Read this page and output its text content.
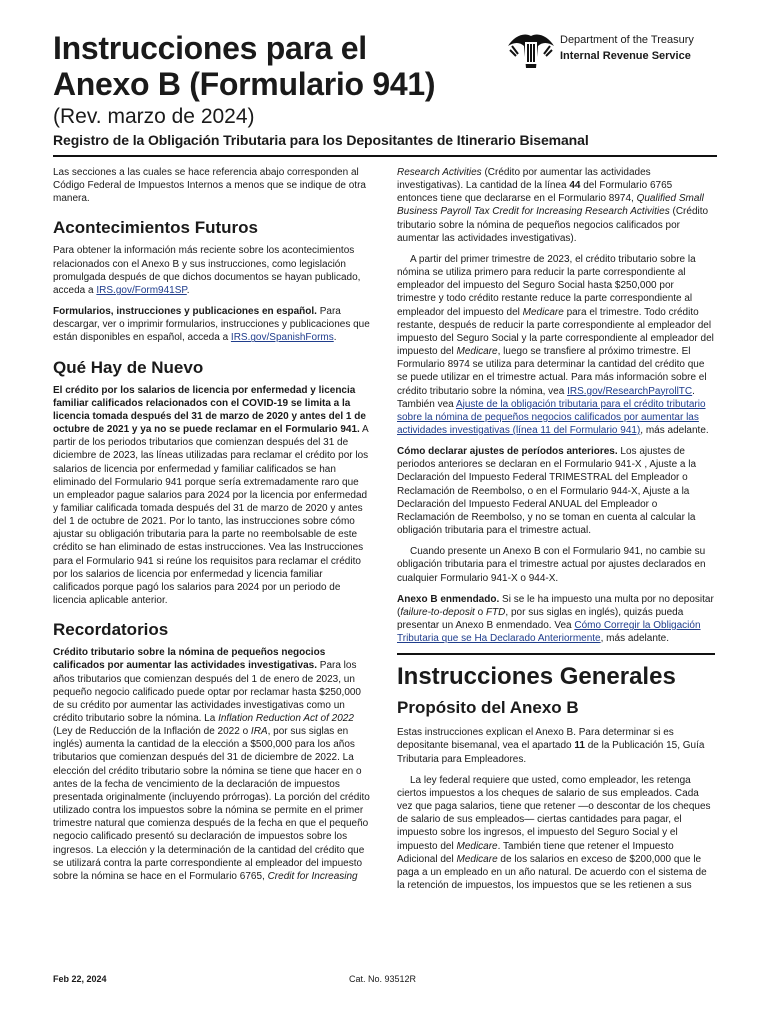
Instrucciones para el
Anexo B (Formulario 941)
(Rev. marzo de 2024)
Registro de la Obligación Tributaria para los Depositantes de Itinerario Bisemanal
Department of the Treasury
Internal Revenue Service

Las secciones a las cuales se hace referencia abajo corresponden al Código Federal de Impuestos Internos a menos que se indique de otra manera.

Acontecimientos Futuros

Para obtener la información más reciente sobre los acontecimientos relacionados con el Anexo B y sus instrucciones, como legislación promulgada después de que dichos documentos se hayan publicado, acceda a IRS.gov/Form941SP.

Formularios, instrucciones y publicaciones en español. Para descargar, ver o imprimir formularios, instrucciones y publicaciones que están disponibles en español, acceda a IRS.gov/SpanishForms.

Qué Hay de Nuevo

El crédito por los salarios de licencia por enfermedad y licencia familiar calificados relacionados con el COVID-19 se limita a la licencia tomada después del 31 de marzo de 2020 y antes del 1 de octubre de 2021 y ya no se puede reclamar en el Formulario 941. A partir de los periodos tributarios que comienzan después del 31 de diciembre de 2023, las líneas utilizadas para reclamar el crédito por los salarios de licencia por enfermedad y familiar calificados se han eliminado del Formulario 941 porque sería extremadamente raro que un empleador pague salarios para 2024 por la licencia por enfermedad y familiar calificada tomada después del 31 de marzo de 2020 y antes del 1 de octubre de 2021. Por lo tanto, las instrucciones sobre cómo ajustar su obligación tributaria para la parte no reembolsable de este crédito se han eliminado de estas instrucciones. Vea las Instrucciones para el Formulario 941 si reúne los requisitos para reclamar el crédito por los salarios de licencia por enfermedad y licencia familiar calificados porque pagó los salarios para 2024 por un periodo de licencia aplicable anterior.

Recordatorios

Crédito tributario sobre la nómina de pequeños negocios calificados por aumentar las actividades investigativas. Para los años tributarios que comienzan después del 1 de enero de 2023, un pequeño negocio calificado puede optar por reclamar hasta $250,000 de su crédito por aumentar las actividades investigativas como un crédito tributario sobre la nómina. La Inflation Reduction Act of 2022 (Ley de Reducción de la Inflación de 2022 o IRA, por sus siglas en inglés) aumenta la cantidad de la elección a $500,000 para los años tributarios que comienzan después del 31 de diciembre de 2022. La elección del crédito tributario sobre la nómina se tiene que hacer en o antes de la fecha de vencimiento de la declaración de impuestos presentada originalmente (incluyendo prórrogas). La porción del crédito utilizado contra los impuestos sobre la nómina se permite en el primer trimestre natural que comienza después de la fecha en que el pequeño negocio calificado presentó su declaración de impuestos sobre los ingresos. La elección y la determinación de la cantidad del crédito que se utilizará contra la parte correspondiente al empleador del impuesto sobre la nómina se hace en el Formulario 6765, Credit for Increasing

Research Activities (Crédito por aumentar las actividades investigativas). La cantidad de la línea 44 del Formulario 6765 entonces tiene que declararse en el Formulario 8974, Qualified Small Business Payroll Tax Credit for Increasing Research Activities (Crédito tributario sobre la nómina de pequeños negocios calificados por aumentar las actividades investigativas).

A partir del primer trimestre de 2023, el crédito tributario sobre la nómina se utiliza primero para reducir la parte correspondiente al empleador del impuesto del Seguro Social hasta $250,000 por trimestre y todo crédito restante reduce la parte correspondiente al empleador del impuesto del Medicare para el trimestre. Todo crédito restante, después de reducir la parte correspondiente al empleador del impuesto del Seguro Social y la parte correspondiente al empleador del impuesto del Medicare, luego se transfiere al próximo trimestre. El Formulario 8974 se utiliza para determinar la cantidad del crédito que se puede utilizar en el trimestre actual. Para más información sobre el crédito tributario sobre la nómina, vea IRS.gov/ResearchPayrollTC. También vea Ajuste de la obligación tributaria para el crédito tributario sobre la nómina de pequeños negocios calificados por aumentar las actividades investigativas (línea 11 del Formulario 941), más adelante.

Cómo declarar ajustes de períodos anteriores. Los ajustes de periodos anteriores se declaran en el Formulario 941-X , Ajuste a la Declaración del Impuesto Federal TRIMESTRAL del Empleador o Reclamación de Reembolso, o en el Formulario 944-X, Ajuste a la Declaración del Impuesto Federal ANUAL del Empleador o Reclamación de Reembolso, y no se toman en cuenta al calcular la obligación tributaria para el trimestre actual.

Cuando presente un Anexo B con el Formulario 941, no cambie su obligación tributaria para el trimestre actual por ajustes declarados en cualquier Formulario 941-X o 944-X.

Anexo B enmendado. Si se le ha impuesto una multa por no depositar (failure-to-deposit o FTD, por sus siglas en inglés), quizás pueda presentar un Anexo B enmendado. Vea Cómo Corregir la Obligación Tributaria que se Ha Declarado Anteriormente, más adelante.

Instrucciones Generales
Propósito del Anexo B

Estas instrucciones explican el Anexo B. Para determinar si es depositante bisemanal, vea el apartado 11 de la Publicación 15, Guía Tributaria para Empleadores.

La ley federal requiere que usted, como empleador, les retenga ciertos impuestos a los cheques de salario de sus empleados. Cada vez que paga salarios, tiene que retener —o descontar de los cheques de salario de sus empleados— ciertas cantidades para pagar, el impuesto sobre los ingresos, el impuesto del Seguro Social y el impuesto del Medicare. También tiene que retener el Impuesto Adicional del Medicare de los salarios en exceso de $200,000 que le paga a un empleado en un año natural. De acuerdo con el sistema de la retención de impuestos, los impuestos que se les retienen a sus

Feb 22, 2024	Cat. No. 93512R
